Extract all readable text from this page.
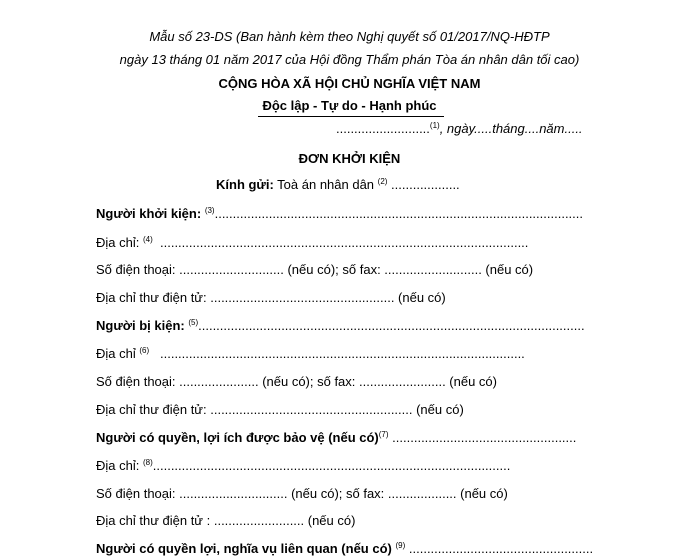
Mẫu số 23-DS (Ban hành kèm theo Nghị quyết số 01/2017/NQ-HĐTP
ngày 13 tháng 01 năm 2017 của Hội đồng Thẩm phán Tòa án nhân dân tối cao)
CỘNG HÒA XÃ HỘI CHỦ NGHĨA VIỆT NAM
Độc lập - Tự do - Hạnh phúc
..........................$^{(1)}$, ngày.....tháng....năm.....
ĐƠN KHỞI KIỆN
Kính gửi: Toà án nhân dân $^{(2)}$ ...................
Người khởi kiện: $^{(3)}$......................................................................................................
Địa chỉ: $^{(4)}$ ......................................................................................................
Số điện thoại: ............................. (nếu có); số fax: ........................... (nếu có)
Địa chỉ thư điện tử: ................................................... (nếu có)
Người bị kiện: $^{(5)}$...........................................................................................................
Địa chỉ $^{(6)}$ .....................................................................................................
Số điện thoại: ...................... (nếu có); số fax: ........................ (nếu có)
Địa chỉ thư điện tử: ........................................................ (nếu có)
Người có quyền, lợi ích được bảo vệ (nếu có)$^{(7)}$ ...................................................
Địa chỉ: $^{(8)}$...................................................................................................
Số điện thoại: .............................. (nếu có); số fax: ................... (nếu có)
Địa chỉ thư điện tử : ......................... (nếu có)
Người có quyền lợi, nghĩa vụ liên quan (nếu có) $^{(9)}$ ...................................................
